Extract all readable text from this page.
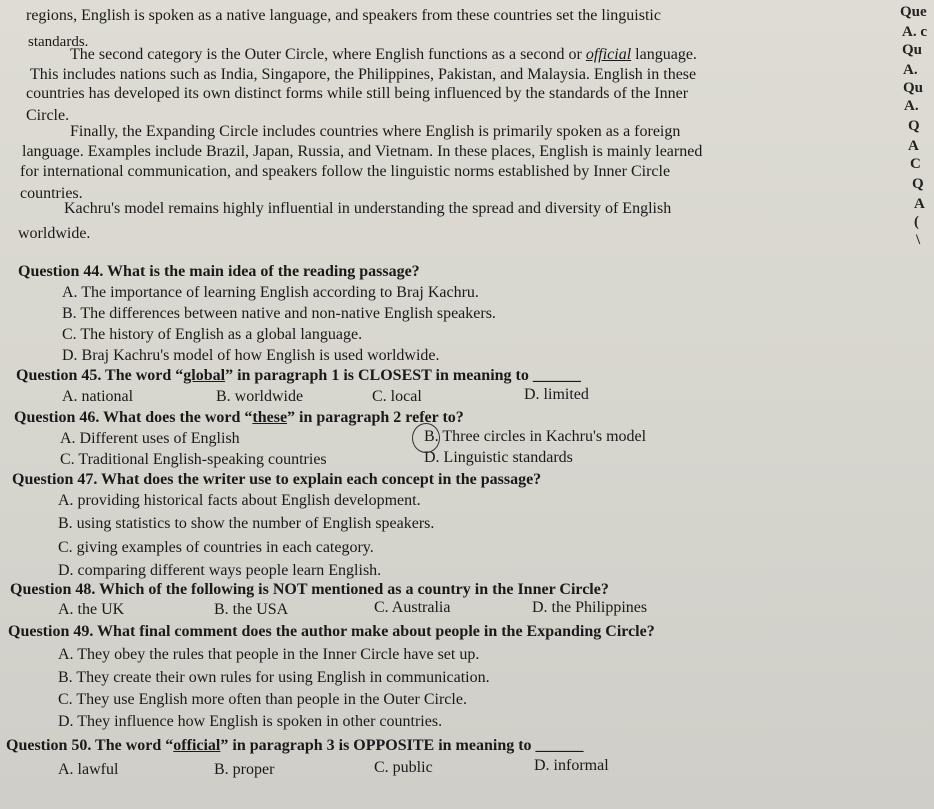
regions, English is spoken as a native language, and speakers from these countries set the linguistic
standards.
The second category is the Outer Circle, where English functions as a second or official language.
This includes nations such as India, Singapore, the Philippines, Pakistan, and Malaysia. English in these
countries has developed its own distinct forms while still being influenced by the standards of the Inner
Circle.
Finally, the Expanding Circle includes countries where English is primarily spoken as a foreign
language. Examples include Brazil, Japan, Russia, and Vietnam. In these places, English is mainly learned
for international communication, and speakers follow the linguistic norms established by Inner Circle
countries.
Kachru's model remains highly influential in understanding the spread and diversity of English
worldwide.
Que
A. c
Qu
A.
Qu
A.
Q
A
C
Q
A
(
\
Question 44. What is the main idea of the reading passage?
A. The importance of learning English according to Braj Kachru.
B. The differences between native and non-native English speakers.
C. The history of English as a global language.
D. Braj Kachru's model of how English is used worldwide.
Question 45. The word “global” in paragraph 1 is CLOSEST in meaning to ______
A. national	B. worldwide	C. local	D. limited
Question 46. What does the word “these” in paragraph 2 refer to?
A. Different uses of English	B. Three circles in Kachru's model
C. Traditional English-speaking countries	D. Linguistic standards
Question 47. What does the writer use to explain each concept in the passage?
A. providing historical facts about English development.
B. using statistics to show the number of English speakers.
C. giving examples of countries in each category.
D. comparing different ways people learn English.
Question 48. Which of the following is NOT mentioned as a country in the Inner Circle?
A. the UK	B. the USA	C. Australia	D. the Philippines
Question 49. What final comment does the author make about people in the Expanding Circle?
A. They obey the rules that people in the Inner Circle have set up.
B. They create their own rules for using English in communication.
C. They use English more often than people in the Outer Circle.
D. They influence how English is spoken in other countries.
Question 50. The word “official” in paragraph 3 is OPPOSITE in meaning to ______
A. lawful	B. proper	C. public	D. informal
